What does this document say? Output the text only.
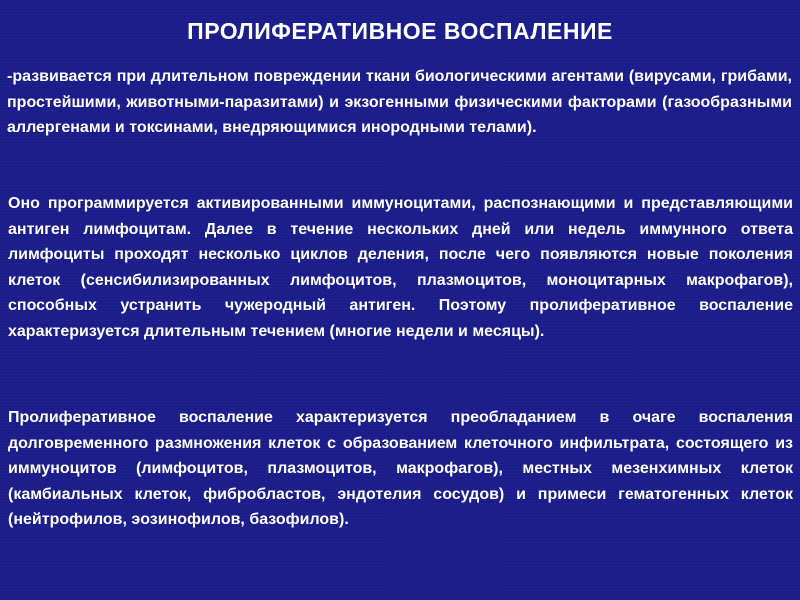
ПРОЛИФЕРАТИВНОЕ ВОСПАЛЕНИЕ

-развивается при длительном повреждении ткани биологическими агентами (вирусами, грибами, простейшими, животными-паразитами) и экзогенными физическими факторами (газообразными аллергенами и токсинами, внедряющимися инородными телами).

Оно программируется активированными иммуноцитами, распознающими и представляющими антиген лимфоцитам. Далее в течение нескольких дней или недель иммунного ответа лимфоциты проходят несколько циклов деления, после чего появляются новые поколения клеток (сенсибилизированных лимфоцитов, плазмоцитов, моноцитарных макрофагов), способных устранить чужеродный антиген. Поэтому пролиферативное воспаление характеризуется длительным течением (многие недели и месяцы).

Пролиферативное воспаление характеризуется преобладанием в очаге воспаления долговременного размножения клеток с образованием клеточного инфильтрата, состоящего из иммуноцитов (лимфоцитов, плазмоцитов, макрофагов), местных мезенхимных клеток (камбиальных клеток, фибробластов, эндотелия сосудов) и примеси гематогенных клеток (нейтрофилов, эозинофилов, базофилов).
